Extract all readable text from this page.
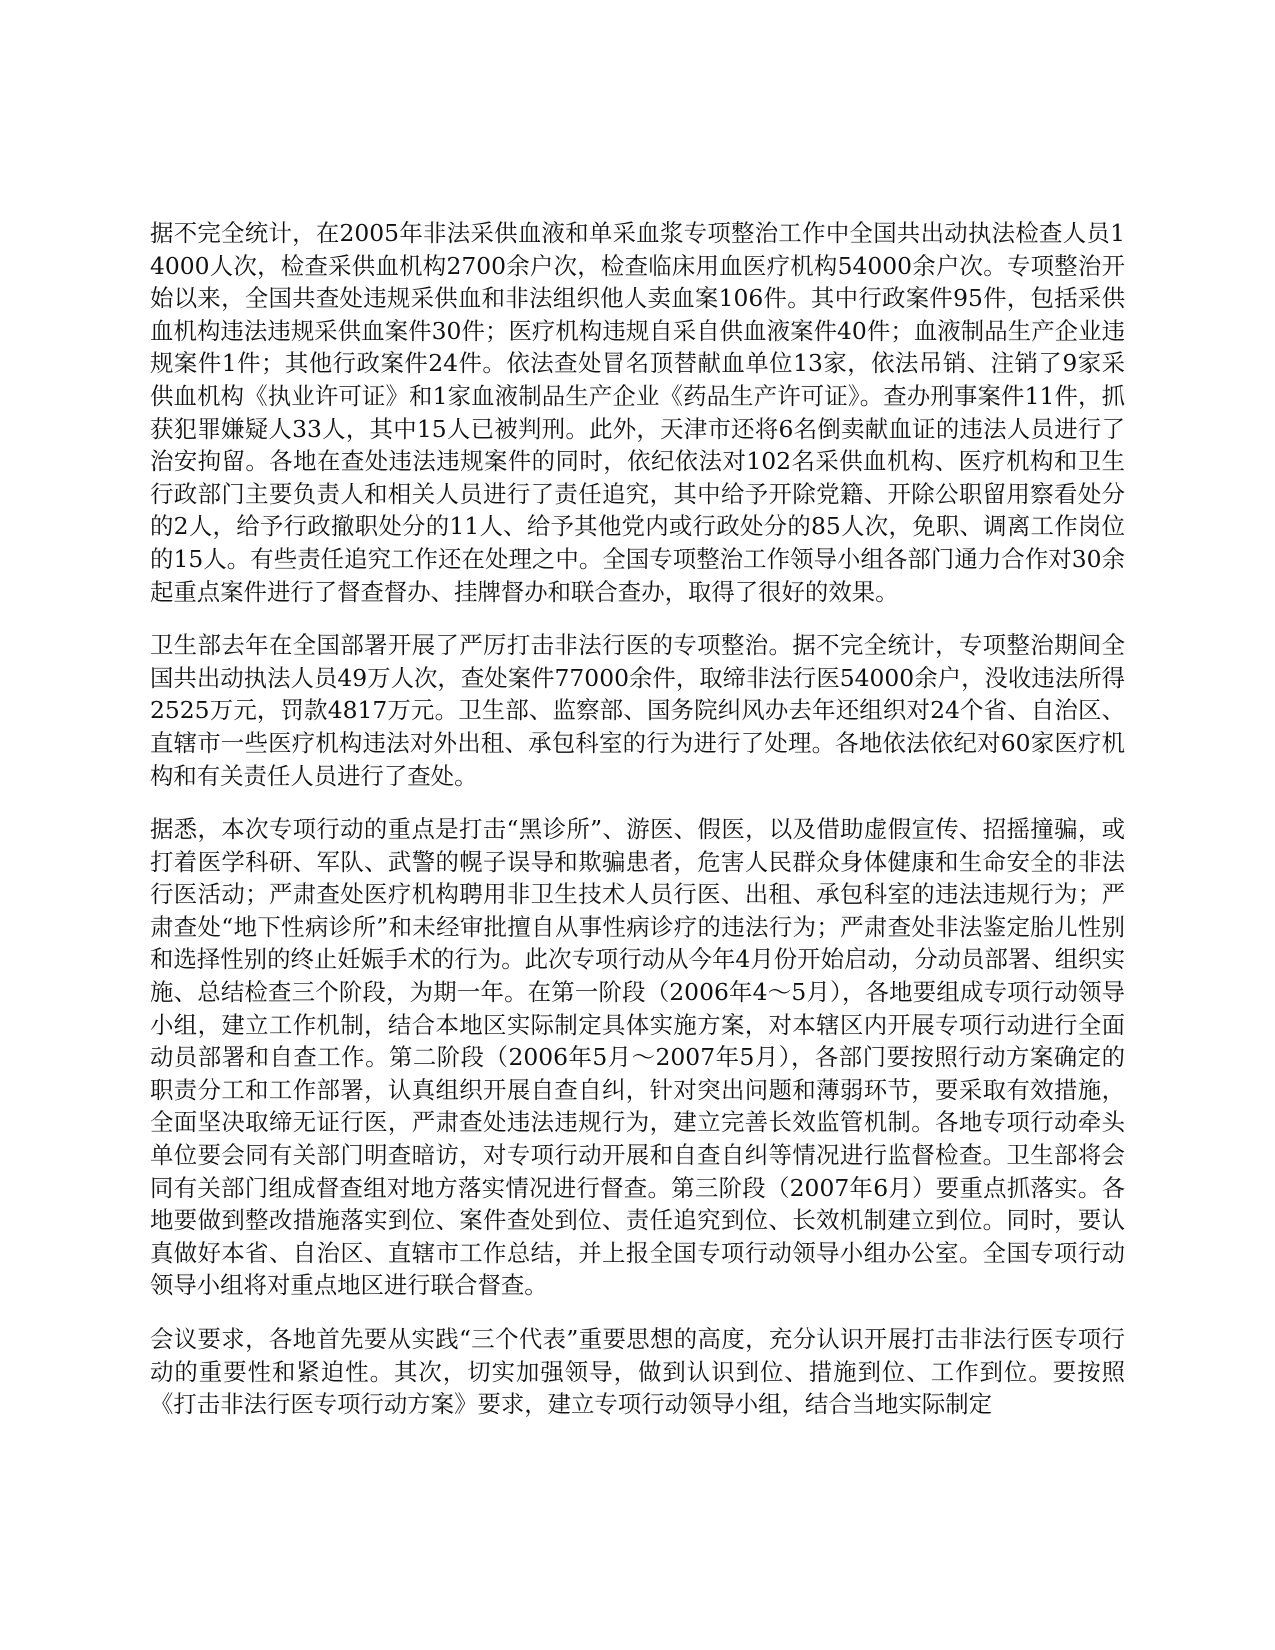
据不完全统计，在2005年非法采供血液和单采血浆专项整治工作中全国共出动执法检查人员14000人次，检查采供血机构2700余户次，检查临床用血医疗机构54000余户次。专项整治开始以来，全国共查处违规采供血和非法组织他人卖血案106件。其中行政案件95件，包括采供血机构违法违规采供血案件30件；医疗机构违规自采自供血液案件40件；血液制品生产企业违规案件1件；其他行政案件24件。依法查处冒名顶替献血单位13家，依法吊销、注销了9家采供血机构《执业许可证》和1家血液制品生产企业《药品生产许可证》。查办刑事案件11件，抓获犯罪嫌疑人33人，其中15人已被判刑。此外，天津市还将6名倒卖献血证的违法人员进行了治安拘留。各地在查处违法违规案件的同时，依纪依法对102名采供血机构、医疗机构和卫生行政部门主要负责人和相关人员进行了责任追究，其中给予开除党籍、开除公职留用察看处分的2人，给予行政撤职处分的11人、给予其他党内或行政处分的85人次，免职、调离工作岗位的15人。有些责任追究工作还在处理之中。全国专项整治工作领导小组各部门通力合作对30余起重点案件进行了督查督办、挂牌督办和联合查办，取得了很好的效果。

卫生部去年在全国部署开展了严厉打击非法行医的专项整治。据不完全统计，专项整治期间全国共出动执法人员49万人次，查处案件77000余件，取缔非法行医54000余户，没收违法所得2525万元，罚款4817万元。卫生部、监察部、国务院纠风办去年还组织对24个省、自治区、直辖市一些医疗机构违法对外出租、承包科室的行为进行了处理。各地依法依纪对60家医疗机构和有关责任人员进行了查处。

据悉，本次专项行动的重点是打击“黑诊所”、游医、假医，以及借助虚假宣传、招摇撞骗，或打着医学科研、军队、武警的幌子误导和欺骗患者，危害人民群众身体健康和生命安全的非法行医活动；严肃查处医疗机构聘用非卫生技术人员行医、出租、承包科室的违法违规行为；严肃查处“地下性病诊所”和未经审批擅自从事性病诊疗的违法行为；严肃查处非法鉴定胎儿性别和选择性别的终止妊娠手术的行为。此次专项行动从今年4月份开始启动，分动员部署、组织实施、总结检查三个阶段，为期一年。在第一阶段（2006年4～5月），各地要组成专项行动领导小组，建立工作机制，结合本地区实际制定具体实施方案，对本辖区内开展专项行动进行全面动员部署和自查工作。第二阶段（2006年5月～2007年5月），各部门要按照行动方案确定的职责分工和工作部署，认真组织开展自查自纠，针对突出问题和薄弱环节，要采取有效措施，全面坚决取缔无证行医，严肃查处违法违规行为，建立完善长效监管机制。各地专项行动牵头单位要会同有关部门明查暗访，对专项行动开展和自查自纠等情况进行监督检查。卫生部将会同有关部门组成督查组对地方落实情况进行督查。第三阶段（2007年6月）要重点抓落实。各地要做到整改措施落实到位、案件查处到位、责任追究到位、长效机制建立到位。同时，要认真做好本省、自治区、直辖市工作总结，并上报全国专项行动领导小组办公室。全国专项行动领导小组将对重点地区进行联合督查。

会议要求，各地首先要从实践“三个代表”重要思想的高度，充分认识开展打击非法行医专项行动的重要性和紧迫性。其次，切实加强领导，做到认识到位、措施到位、工作到位。要按照《打击非法行医专项行动方案》要求，建立专项行动领导小组，结合当地实际制定
